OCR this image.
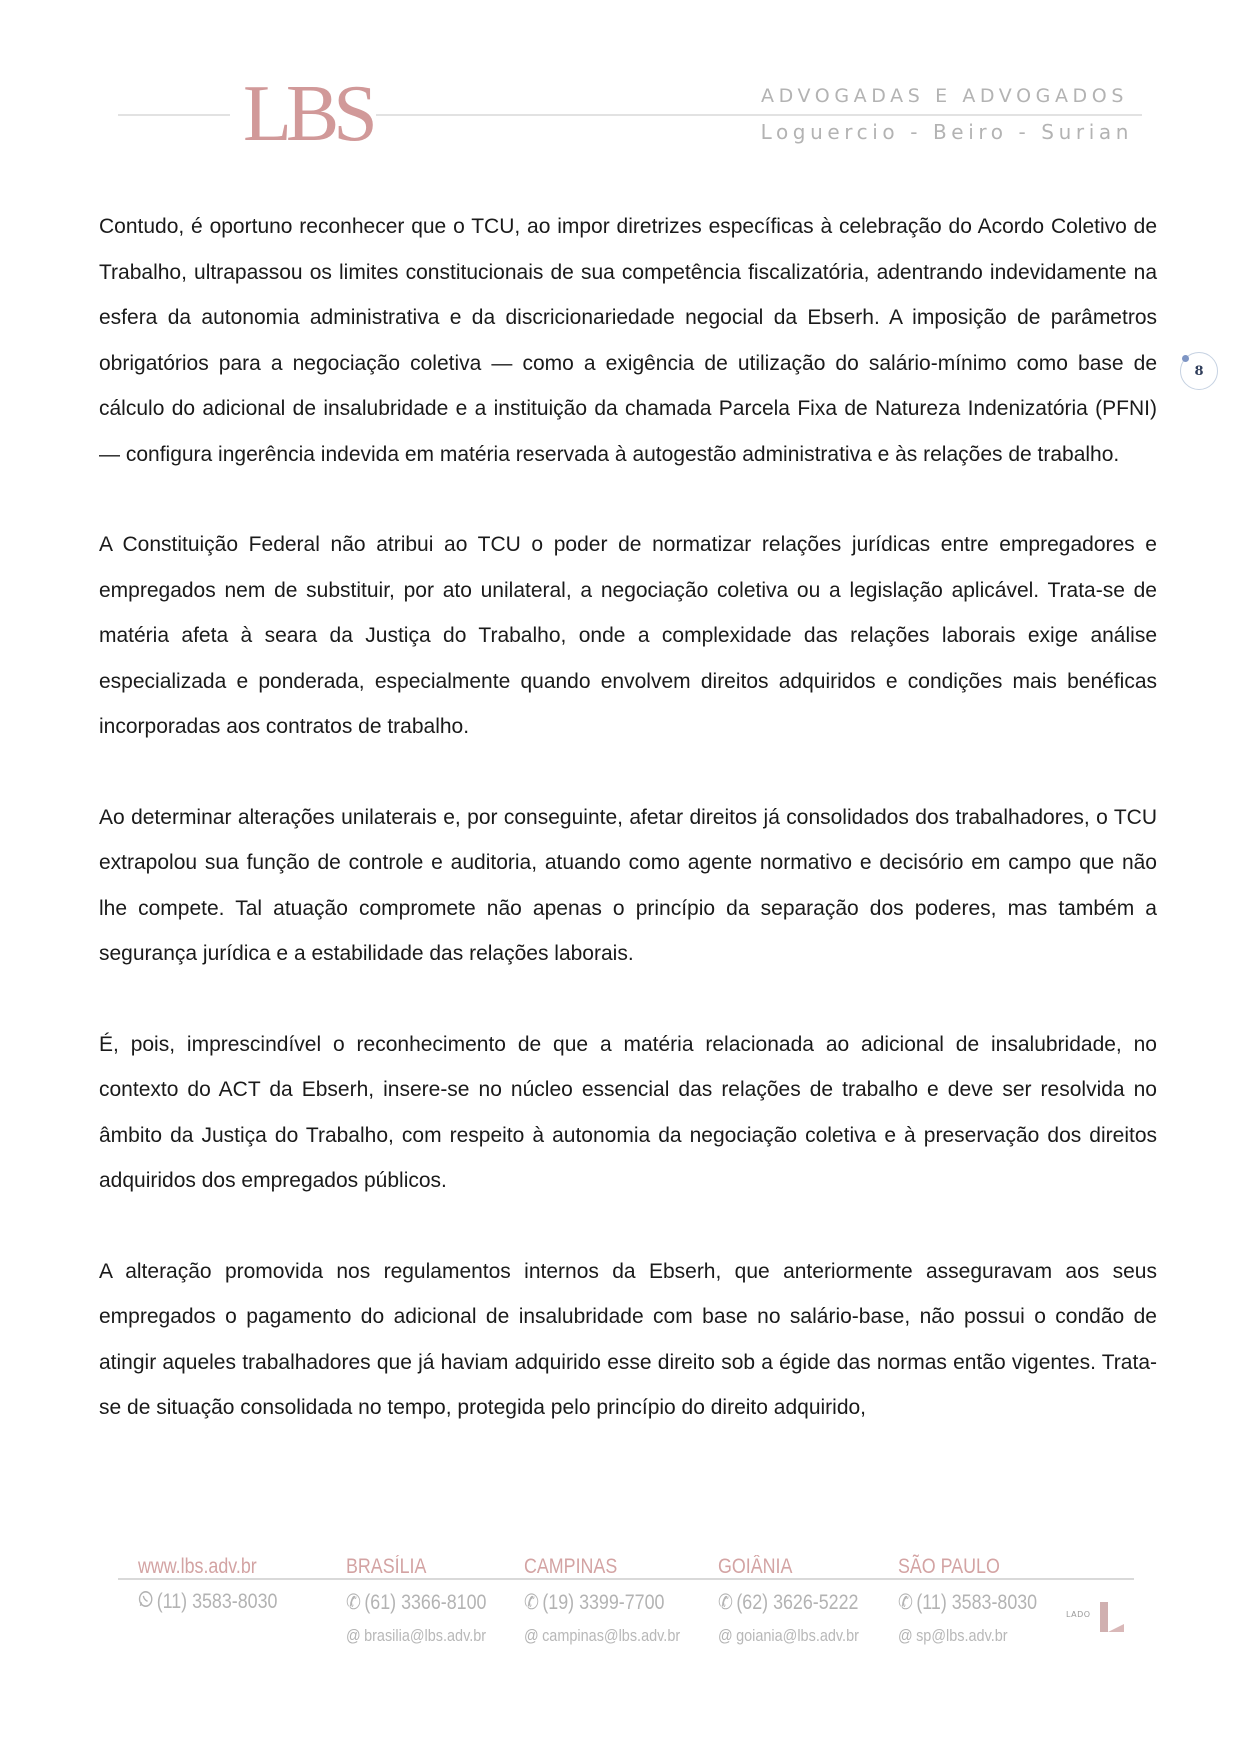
LBS	ADVOGADAS E ADVOGADOS
Loguercio - Beiro - Surian
8

Contudo, é oportuno reconhecer que o TCU, ao impor diretrizes específicas à celebração do Acordo Coletivo de Trabalho, ultrapassou os limites constitucionais de sua competência fiscalizatória, adentrando indevidamente na esfera da autonomia administrativa e da discricionariedade negocial da Ebserh. A imposição de parâmetros obrigatórios para a negociação coletiva — como a exigência de utilização do salário-mínimo como base de cálculo do adicional de insalubridade e a instituição da chamada Parcela Fixa de Natureza Indenizatória (PFNI) — configura ingerência indevida em matéria reservada à autogestão administrativa e às relações de trabalho.

A Constituição Federal não atribui ao TCU o poder de normatizar relações jurídicas entre empregadores e empregados nem de substituir, por ato unilateral, a negociação coletiva ou a legislação aplicável. Trata-se de matéria afeta à seara da Justiça do Trabalho, onde a complexidade das relações laborais exige análise especializada e ponderada, especialmente quando envolvem direitos adquiridos e condições mais benéficas incorporadas aos contratos de trabalho.

Ao determinar alterações unilaterais e, por conseguinte, afetar direitos já consolidados dos trabalhadores, o TCU extrapolou sua função de controle e auditoria, atuando como agente normativo e decisório em campo que não lhe compete. Tal atuação compromete não apenas o princípio da separação dos poderes, mas também a segurança jurídica e a estabilidade das relações laborais.

É, pois, imprescindível o reconhecimento de que a matéria relacionada ao adicional de insalubridade, no contexto do ACT da Ebserh, insere-se no núcleo essencial das relações de trabalho e deve ser resolvida no âmbito da Justiça do Trabalho, com respeito à autonomia da negociação coletiva e à preservação dos direitos adquiridos dos empregados públicos.

A alteração promovida nos regulamentos internos da Ebserh, que anteriormente asseguravam aos seus empregados o pagamento do adicional de insalubridade com base no salário-base, não possui o condão de atingir aqueles trabalhadores que já haviam adquirido esse direito sob a égide das normas então vigentes. Trata-se de situação consolidada no tempo, protegida pelo princípio do direito adquirido,

www.lbs.adv.br
(11) 3583-8030
BRASÍLIA
✆ (61) 3366-8100
@ brasilia@lbs.adv.br
CAMPINAS
✆ (19) 3399-7700
@ campinas@lbs.adv.br
GOIÂNIA
✆ (62) 3626-5222
@ goiania@lbs.adv.br
SÃO PAULO
✆ (11) 3583-8030
@ sp@lbs.adv.br
LADO
